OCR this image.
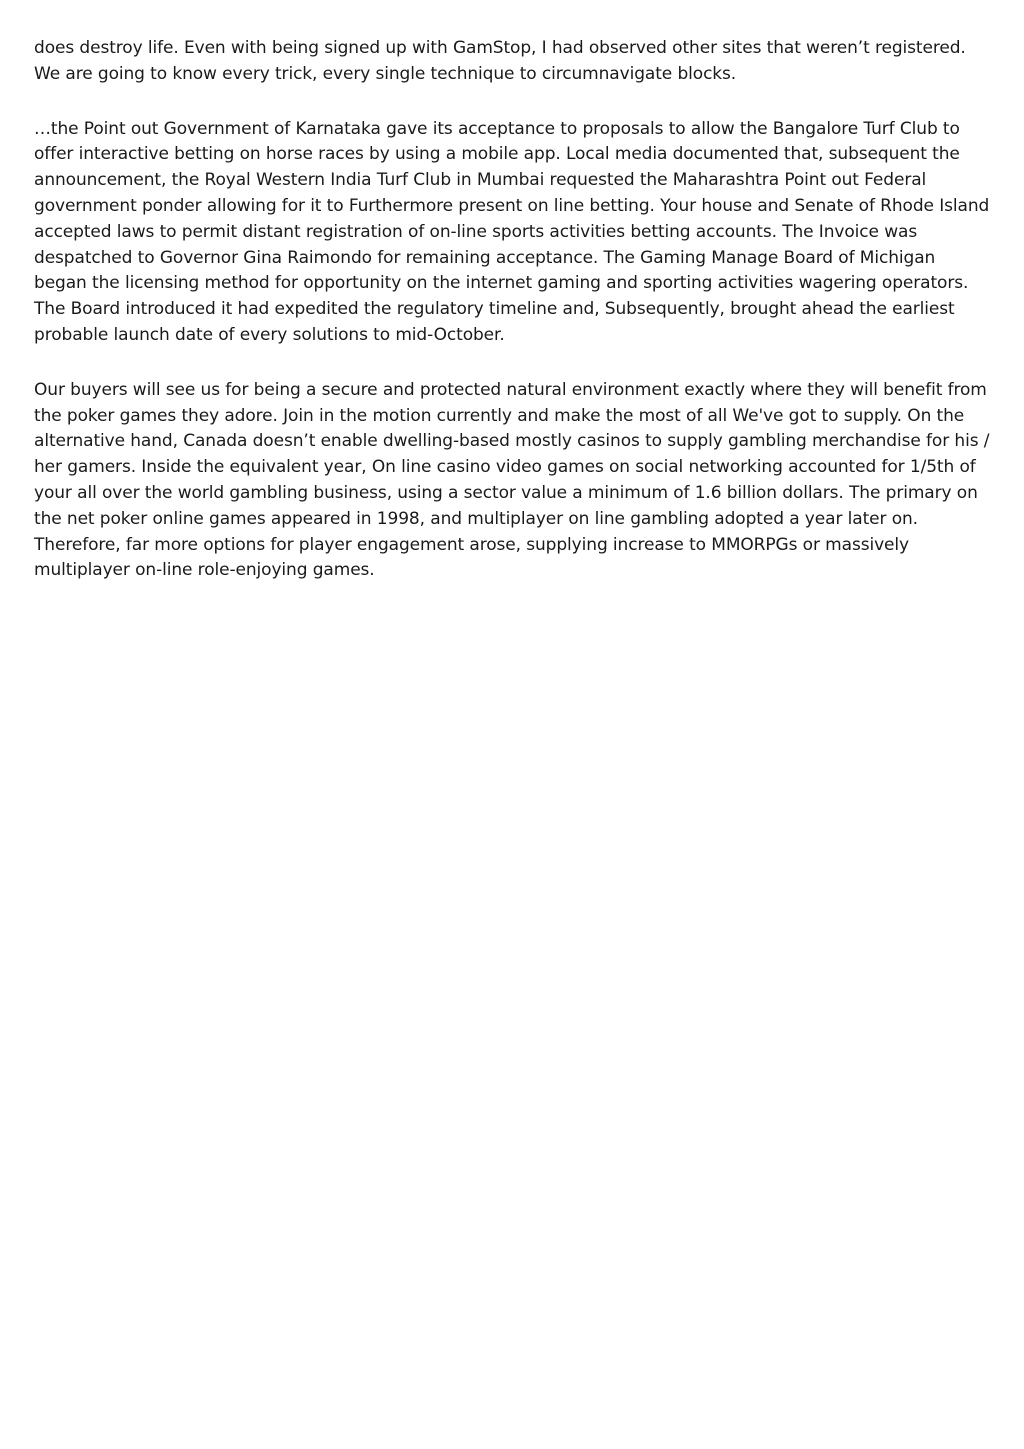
does destroy life. Even with being signed up with GamStop, I had observed other sites that weren’t registered. We are going to know every trick, every single technique to circumnavigate blocks.

…the Point out Government of Karnataka gave its acceptance to proposals to allow the Bangalore Turf Club to offer interactive betting on horse races by using a mobile app. Local media documented that, subsequent the announcement, the Royal Western India Turf Club in Mumbai requested the Maharashtra Point out Federal government ponder allowing for it to Furthermore present on line betting. Your house and Senate of Rhode Island accepted laws to permit distant registration of on-line sports activities betting accounts. The Invoice was despatched to Governor Gina Raimondo for remaining acceptance. The Gaming Manage Board of Michigan began the licensing method for opportunity on the internet gaming and sporting activities wagering operators. The Board introduced it had expedited the regulatory timeline and, Subsequently, brought ahead the earliest probable launch date of every solutions to mid-October.

Our buyers will see us for being a secure and protected natural environment exactly where they will benefit from the poker games they adore. Join in the motion currently and make the most of all We've got to supply. On the alternative hand, Canada doesn’t enable dwelling-based mostly casinos to supply gambling merchandise for his / her gamers. Inside the equivalent year, On line casino video games on social networking accounted for 1/5th of your all over the world gambling business, using a sector value a minimum of 1.6 billion dollars. The primary on the net poker online games appeared in 1998, and multiplayer on line gambling adopted a year later on. Therefore, far more options for player engagement arose, supplying increase to MMORPGs or massively multiplayer on-line role-enjoying games.
